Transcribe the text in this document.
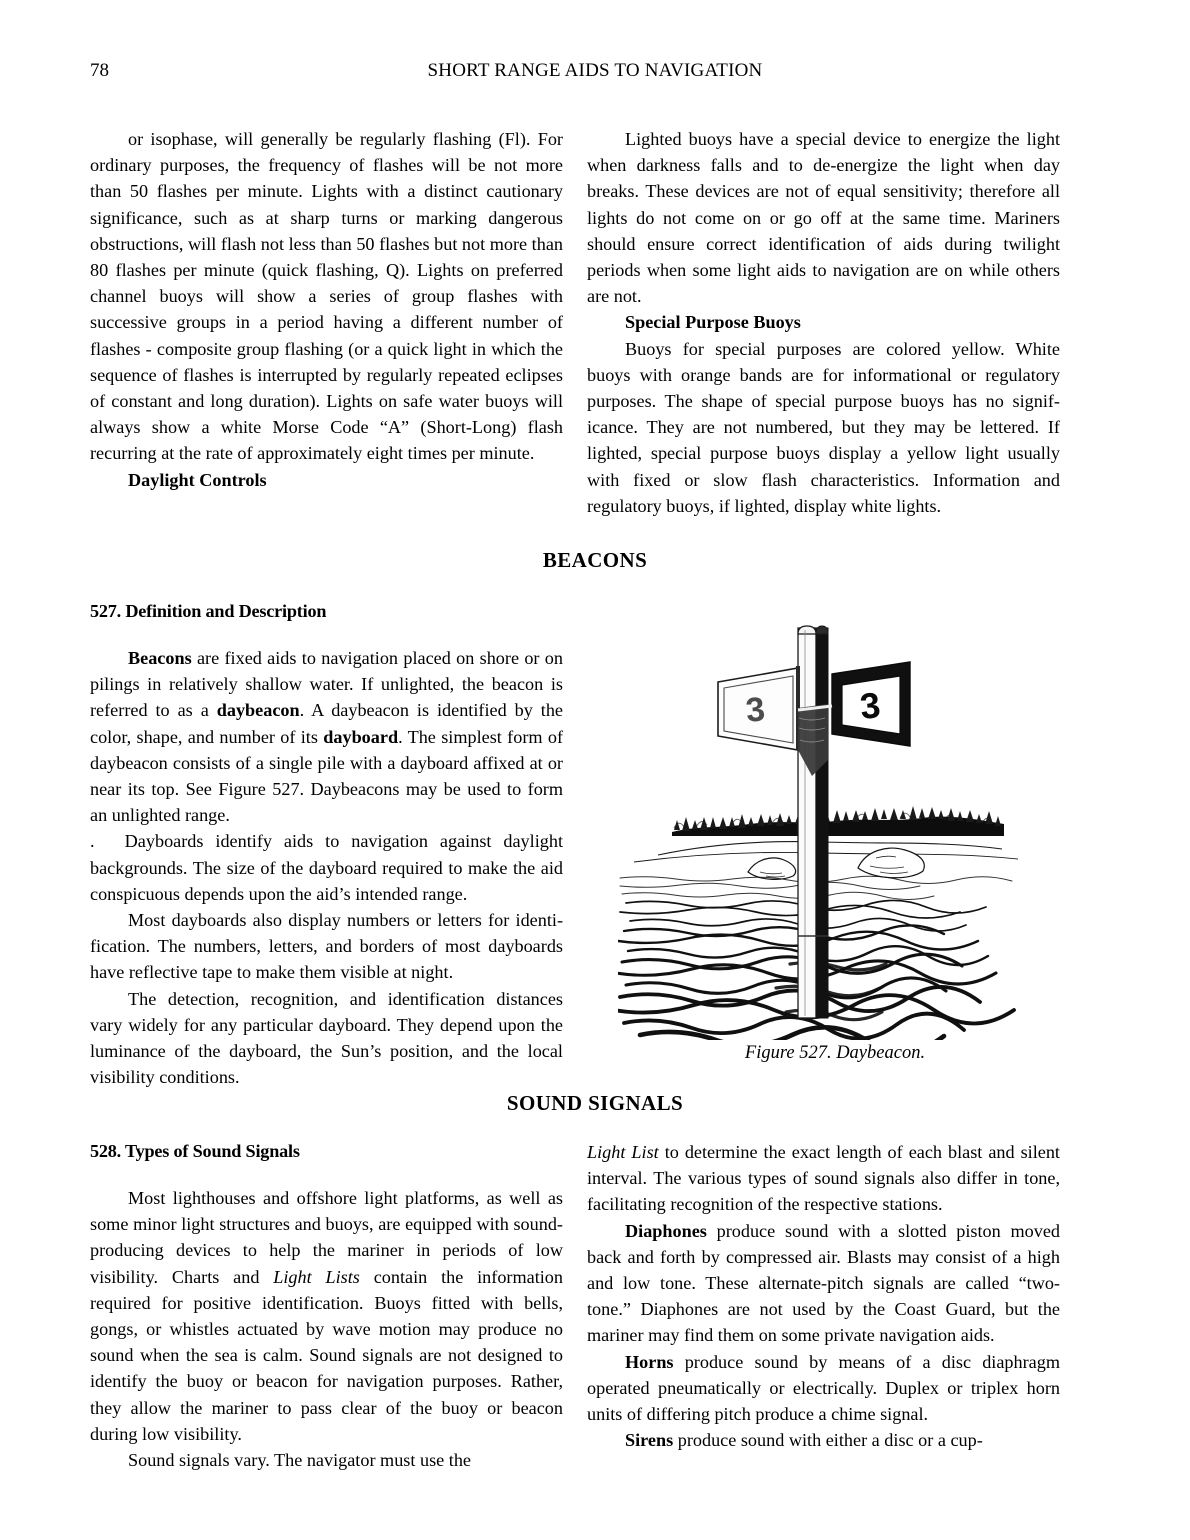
78	SHORT RANGE AIDS TO NAVIGATION

or isophase, will generally be regularly flashing (Fl). For ordinary purposes, the frequency of flashes will be not more than 50 flashes per minute. Lights with a distinct cautionary significance, such as at sharp turns or marking dangerous obstructions, will flash not less than 50 flashes but not more than 80 flashes per minute (quick flashing, Q). Lights on preferred channel buoys will show a series of group flashes with successive groups in a period having a different number of flashes - composite group flashing (or a quick light in which the sequence of flashes is interrupted by regularly repeated eclipses of constant and long duration). Lights on safe water buoys will always show a white Morse Code “A” (Short-Long) flash recurring at the rate of approximately eight times per minute.

Daylight Controls

Lighted buoys have a special device to energize the light when darkness falls and to de-energize the light when day breaks. These devices are not of equal sensitivity; therefore all lights do not come on or go off at the same time. Mariners should ensure correct identification of aids during twilight periods when some light aids to navigation are on while others are not.

Special Purpose Buoys

Buoys for special purposes are colored yellow. White buoys with orange bands are for informational or regulatory purposes. The shape of special purpose buoys has no signif-icance. They are not numbered, but they may be lettered. If lighted, special purpose buoys display a yellow light usually with fixed or slow flash characteristics. Information and regulatory buoys, if lighted, display white lights.

BEACONS
527. Definition and Description

Beacons are fixed aids to navigation placed on shore or on pilings in relatively shallow water. If unlighted, the beacon is referred to as a daybeacon. A daybeacon is identified by the color, shape, and number of its dayboard. The simplest form of daybeacon consists of a single pile with a dayboard affixed at or near its top. See Figure 527. Daybeacons may be used to form an unlighted range.

.  Dayboards identify aids to navigation against daylight backgrounds. The size of the dayboard required to make the aid conspicuous depends upon the aid’s intended range.

Most dayboards also display numbers or letters for identi-fication. The numbers, letters, and borders of most dayboards have reflective tape to make them visible at night.

The detection, recognition, and identification distances vary widely for any particular dayboard. They depend upon the luminance of the dayboard, the Sun’s position, and the local visibility conditions.

3	3
Figure 527. Daybeacon.
SOUND SIGNALS
528. Types of Sound Signals

Most lighthouses and offshore light platforms, as well as some minor light structures and buoys, are equipped with sound-producing devices to help the mariner in periods of low visibility. Charts and Light Lists contain the information required for positive identification. Buoys fitted with bells, gongs, or whistles actuated by wave motion may produce no sound when the sea is calm. Sound signals are not designed to identify the buoy or beacon for navigation purposes. Rather, they allow the mariner to pass clear of the buoy or beacon during low visibility.

Sound signals vary. The navigator must use the

Light List to determine the exact length of each blast and silent interval. The various types of sound signals also differ in tone, facilitating recognition of the respective stations.

Diaphones produce sound with a slotted piston moved back and forth by compressed air. Blasts may consist of a high and low tone. These alternate-pitch signals are called “two-tone.” Diaphones are not used by the Coast Guard, but the mariner may find them on some private navigation aids.

Horns produce sound by means of a disc diaphragm operated pneumatically or electrically. Duplex or triplex horn units of differing pitch produce a chime signal.

Sirens produce sound with either a disc or a cup-
